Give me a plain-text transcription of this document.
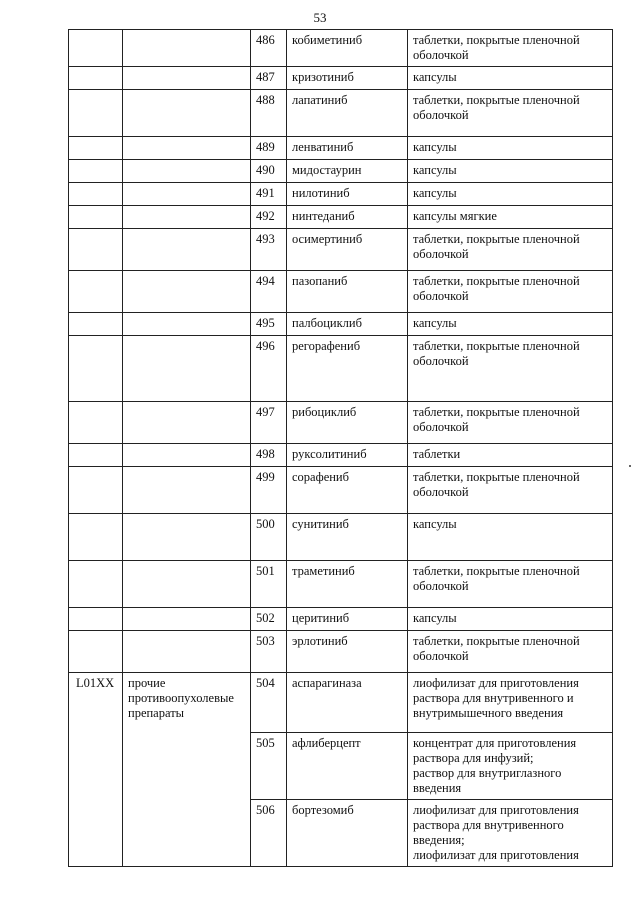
53
		486	кобиметиниб	таблетки, покрытые пленочной оболочкой
		487	кризотиниб	капсулы
		488	лапатиниб	таблетки, покрытые пленочной оболочкой
		489	ленватиниб	капсулы
		490	мидостаурин	капсулы
		491	нилотиниб	капсулы
		492	нинтеданиб	капсулы мягкие
		493	осимертиниб	таблетки, покрытые пленочной оболочкой
		494	пазопаниб	таблетки, покрытые пленочной оболочкой
		495	палбоциклиб	капсулы
		496	регорафениб	таблетки, покрытые пленочной оболочкой
		497	рибоциклиб	таблетки, покрытые пленочной оболочкой
		498	руксолитиниб	таблетки
		499	сорафениб	таблетки, покрытые пленочной оболочкой
		500	сунитиниб	капсулы
		501	траметиниб	таблетки, покрытые пленочной оболочкой
		502	церитиниб	капсулы
		503	эрлотиниб	таблетки, покрытые пленочной оболочкой
L01XX	прочие противоопухолевые препараты	504	аспарагиназа	лиофилизат для приготовления раствора для внутривенного и внутримышечного введения
		505	афлиберцепт	концентрат для приготовления раствора для инфузий;
раствор для внутриглазного введения

		506	бортезомиб	лиофилизат для приготовления раствора для внутривенного введения;
лиофилизат для приготовления
